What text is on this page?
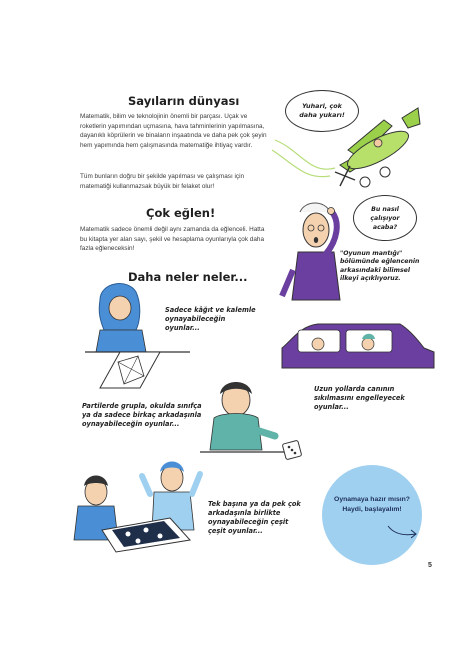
Sayıların dünyası
Matematik, bilim ve teknolojinin önemli bir parçası. Uçak ve roketlerin yapımından uçmasına, hava tahminlerinin yapılmasına, dayanıklı köprülerin ve binaların inşaatında ve daha pek çok şeyin hem yapımında hem çalışmasında matematiğe ihtiyaç vardır.
Tüm bunların doğru bir şekilde yapılması ve çalışması için matematiği kullanmazsak büyük bir felaket olur!
Çok eğlen!
Matematik sadece önemli değil aynı zamanda da eğlenceli. Hatta bu kitapta yer alan sayı, şekil ve hesaplama oyunlarıyla çok daha fazla eğleneceksin!
Daha neler neler...
Yuhari, çok daha yukarı!
Bu nasıl çalışıyor acaba?
"Oyunun mantığı" bölümünde eğlencenin arkasındaki bilimsel ilkeyi açıklıyoruz.
Sadece kâğıt ve kalemle oynayabileceğin oyunlar...
Uzun yollarda canının sıkılmasını engelleyecek oyunlar...
Partilerde grupla, okulda sınıfça ya da sadece birkaç arkadaşınla oynayabileceğin oyunlar...
Tek başına ya da pek çok arkadaşınla birlikte oynayabileceğin çeşit çeşit oyunlar...
Oynamaya hazır mısın?
Haydi, başlayalım!
5
